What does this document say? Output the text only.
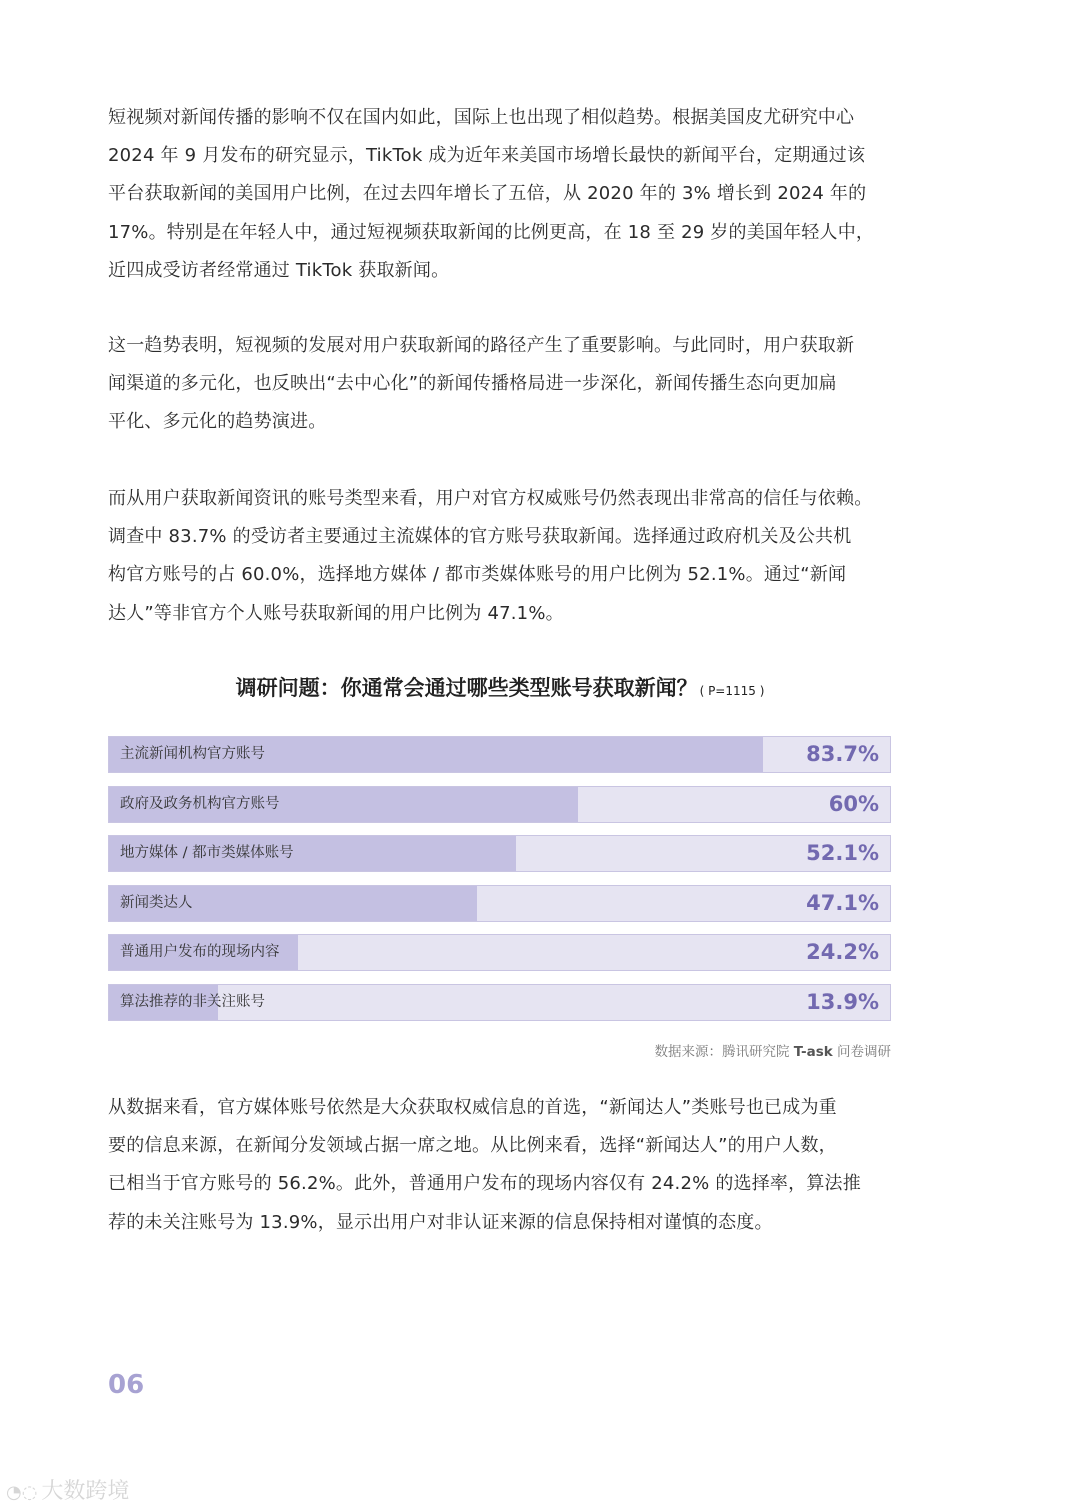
短视频对新闻传播的影响不仅在国内如此，国际上也出现了相似趋势。根据美国皮尤研究中心
2024 年 9 月发布的研究显示，TikTok 成为近年来美国市场增长最快的新闻平台，定期通过该
平台获取新闻的美国用户比例，在过去四年增长了五倍，从 2020 年的 3% 增长到 2024 年的
17%。特别是在年轻人中，通过短视频获取新闻的比例更高，在 18 至 29 岁的美国年轻人中，
近四成受访者经常通过 TikTok 获取新闻。
这一趋势表明，短视频的发展对用户获取新闻的路径产生了重要影响。与此同时，用户获取新
闻渠道的多元化，也反映出“去中心化”的新闻传播格局进一步深化，新闻传播生态向更加扁
平化、多元化的趋势演进。
而从用户获取新闻资讯的账号类型来看，用户对官方权威账号仍然表现出非常高的信任与依赖。
调查中 83.7% 的受访者主要通过主流媒体的官方账号获取新闻。选择通过政府机关及公共机
构官方账号的占 60.0%，选择地方媒体 / 都市类媒体账号的用户比例为 52.1%。通过“新闻
达人”等非官方个人账号获取新闻的用户比例为 47.1%。
调研问题：你通常会通过哪些类型账号获取新闻？ ( P=1115 )
主流新闻机构官方账号	83.7%
政府及政务机构官方账号	60%
地方媒体 / 都市类媒体账号	52.1%
新闻类达人	47.1%
普通用户发布的现场内容	24.2%
算法推荐的非关注账号	13.9%
数据来源：腾讯研究院 T-ask 问卷调研
从数据来看，官方媒体账号依然是大众获取权威信息的首选，“新闻达人”类账号也已成为重
要的信息来源，在新闻分发领域占据一席之地。从比例来看，选择“新闻达人”的用户人数，
已相当于官方账号的 56.2%。此外，普通用户发布的现场内容仅有 24.2% 的选择率，算法推
荐的未关注账号为 13.9%，显示出用户对非认证来源的信息保持相对谨慎的态度。
06
◔◌ 大数跨境
